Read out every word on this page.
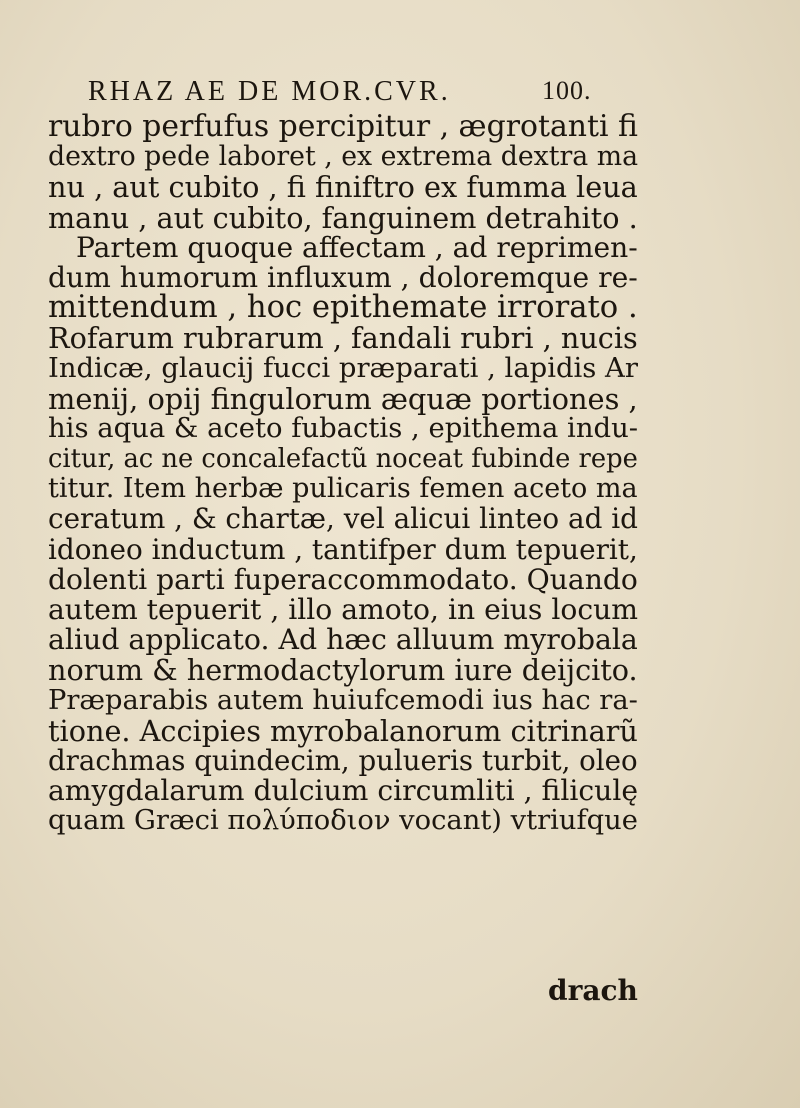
RHAZ AE DE MOR.CVR.	100.
rubro perfufus percipitur , ægrotanti fi
dextro pede laboret , ex extrema dextra ma
nu , aut cubito , fi finiftro ex fumma leua
manu , aut cubito, fanguinem detrahito .
Partem quoque affectam , ad reprimen-
dum humorum influxum , doloremque re-
mittendum , hoc epithemate irrorato .
Rofarum rubrarum , fandali rubri , nucis
Indicæ, glaucij fucci præparati , lapidis Ar
menij, opij fingulorum æquæ portiones ,
his aqua & aceto fubactis , epithema indu-
citur, ac ne concalefactũ noceat fubinde repe
titur. Item herbæ pulicaris femen aceto ma
ceratum , & chartæ, vel alicui linteo ad id
idoneo inductum , tantifper dum tepuerit,
dolenti parti fuperaccommodato. Quando
autem tepuerit , illo amoto, in eius locum
aliud applicato. Ad hæc alluum myrobala
norum & hermodactylorum iure deijcito.
Præparabis autem huiufcemodi ius hac ra-
tione. Accipies myrobalanorum citrinarũ
drachmas quindecim, pulueris turbit, oleo
amygdalarum dulcium circumliti , filiculę
quam Græci πολύποδιον vocant) vtriufque
drach
